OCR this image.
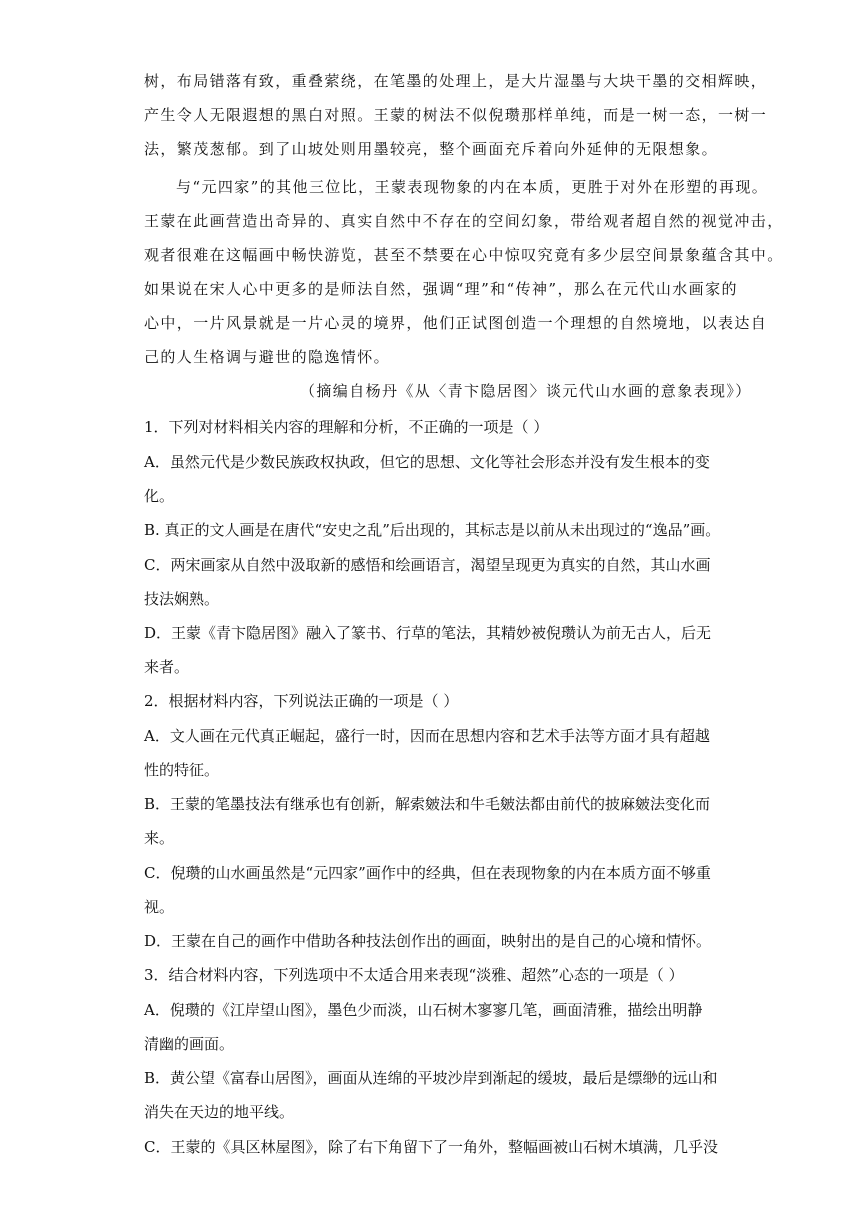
树，布局错落有致，重叠萦绕，在笔墨的处理上，是大片湿墨与大块干墨的交相辉映，
产生令人无限遐想的黑白对照。王蒙的树法不似倪瓒那样单纯，而是一树一态，一树一
法，繁茂葱郁。到了山坡处则用墨较亮，整个画面充斥着向外延伸的无限想象。
与“元四家”的其他三位比，王蒙表现物象的内在本质，更胜于对外在形塑的再现。
王蒙在此画营造出奇异的、真实自然中不存在的空间幻象，带给观者超自然的视觉冲击，
观者很难在这幅画中畅快游览，甚至不禁要在心中惊叹究竟有多少层空间景象蕴含其中。
如果说在宋人心中更多的是师法自然，强调“理”和“传神”，那么在元代山水画家的
心中，一片风景就是一片心灵的境界，他们正试图创造一个理想的自然境地，以表达自
己的人生格调与避世的隐逸情怀。
（摘编自杨丹《从〈青卞隐居图〉谈元代山水画的意象表现》）
1．下列对材料相关内容的理解和分析，不正确的一项是（ ）
A．虽然元代是少数民族政权执政，但它的思想、文化等社会形态并没有发生根本的变
化。
B. 真正的文人画是在唐代“安史之乱”后出现的，其标志是以前从未出现过的“逸品”画。
C．两宋画家从自然中汲取新的感悟和绘画语言，渴望呈现更为真实的自然，其山水画
技法娴熟。
D．王蒙《青卞隐居图》融入了篆书、行草的笔法，其精妙被倪瓒认为前无古人，后无
来者。
2．根据材料内容，下列说法正确的一项是（ ）
A．文人画在元代真正崛起，盛行一时，因而在思想内容和艺术手法等方面才具有超越
性的特征。
B．王蒙的笔墨技法有继承也有创新，解索皴法和牛毛皴法都由前代的披麻皴法变化而
来。
C．倪瓒的山水画虽然是“元四家”画作中的经典，但在表现物象的内在本质方面不够重
视。
D．王蒙在自己的画作中借助各种技法创作出的画面，映射出的是自己的心境和情怀。
3．结合材料内容，下列选项中不太适合用来表现“淡雅、超然”心态的一项是（ ）
A．倪瓒的《江岸望山图》，墨色少而淡，山石树木寥寥几笔，画面清雅，描绘出明静
清幽的画面。
B．黄公望《富春山居图》，画面从连绵的平坡沙岸到渐起的缓坡，最后是缥缈的远山和
消失在天边的地平线。
C．王蒙的《具区林屋图》，除了右下角留下了一角外，整幅画被山石树木填满，几乎没
